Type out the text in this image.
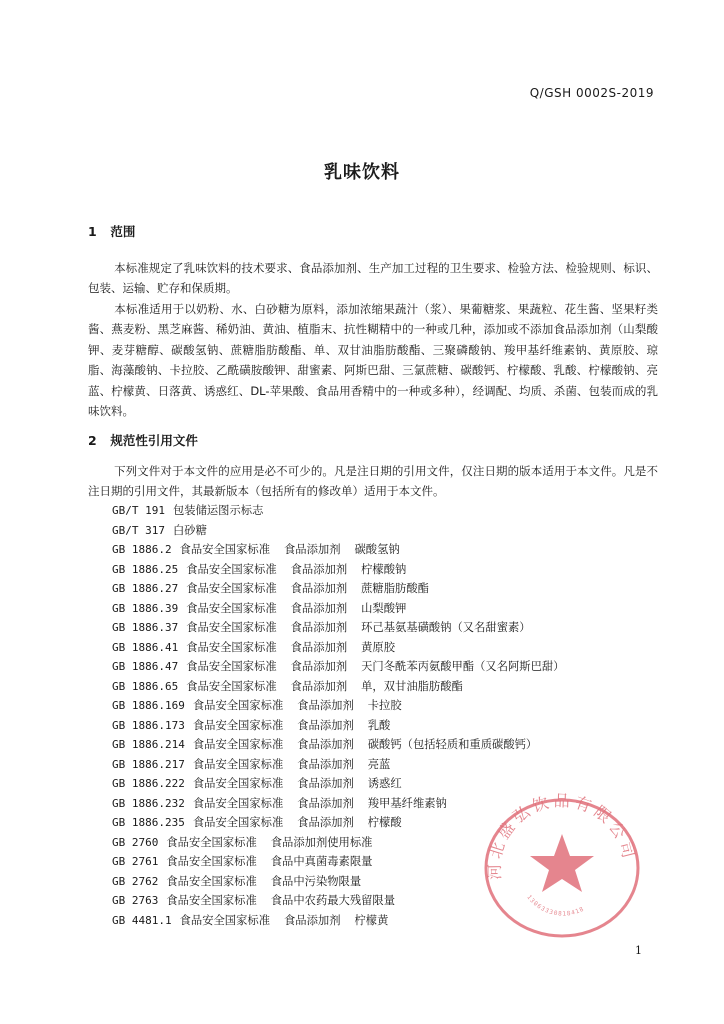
Q/GSH 0002S-2019
乳味饮料
1 范围
本标准规定了乳味饮料的技术要求、食品添加剂、生产加工过程的卫生要求、检验方法、检验规则、标识、包装、运输、贮存和保质期。
本标准适用于以奶粉、水、白砂糖为原料，添加浓缩果蔬汁（浆）、果葡糖浆、果蔬粒、花生酱、坚果籽类酱、燕麦粉、黑芝麻酱、稀奶油、黄油、植脂末、抗性糊精中的一种或几种，添加或不添加食品添加剂（山梨酸钾、麦芽糖醇、碳酸氢钠、蔗糖脂肪酸酯、单、双甘油脂肪酸酯、三聚磷酸钠、羧甲基纤维素钠、黄原胶、琼脂、海藻酸钠、卡拉胶、乙酰磺胺酸钾、甜蜜素、阿斯巴甜、三氯蔗糖、碳酸钙、柠檬酸、乳酸、柠檬酸钠、亮蓝、柠檬黄、日落黄、诱惑红、DL-苹果酸、食品用香精中的一种或多种），经调配、均质、杀菌、包装而成的乳味饮料。
2 规范性引用文件
下列文件对于本文件的应用是必不可少的。凡是注日期的引用文件，仅注日期的版本适用于本文件。凡是不注日期的引用文件，其最新版本（包括所有的修改单）适用于本文件。
GB/T 191 包装储运图示标志
GB/T 317 白砂糖
GB 1886.2 食品安全国家标准 食品添加剂 碳酸氢钠
GB 1886.25 食品安全国家标准 食品添加剂 柠檬酸钠
GB 1886.27 食品安全国家标准 食品添加剂 蔗糖脂肪酸酯
GB 1886.39 食品安全国家标准 食品添加剂 山梨酸钾
GB 1886.37 食品安全国家标准 食品添加剂 环己基氨基磺酸钠（又名甜蜜素）
GB 1886.41 食品安全国家标准 食品添加剂 黄原胶
GB 1886.47 食品安全国家标准 食品添加剂 天门冬酰苯丙氨酸甲酯（又名阿斯巴甜）
GB 1886.65 食品安全国家标准 食品添加剂 单，双甘油脂肪酸酯
GB 1886.169 食品安全国家标准 食品添加剂 卡拉胶
GB 1886.173 食品安全国家标准 食品添加剂 乳酸
GB 1886.214 食品安全国家标准 食品添加剂 碳酸钙（包括轻质和重质碳酸钙）
GB 1886.217 食品安全国家标准 食品添加剂 亮蓝
GB 1886.222 食品安全国家标准 食品添加剂 诱惑红
GB 1886.232 食品安全国家标准 食品添加剂 羧甲基纤维素钠
GB 1886.235 食品安全国家标准 食品添加剂 柠檬酸
GB 2760 食品安全国家标准 食品添加剂使用标准
GB 2761 食品安全国家标准 食品中真菌毒素限量
GB 2762 食品安全国家标准 食品中污染物限量
GB 2763 食品安全国家标准 食品中农药最大残留限量
GB 4481.1 食品安全国家标准 食品添加剂 柠檬黄
1
河北盛弘饮品有限公司
13063330818418
